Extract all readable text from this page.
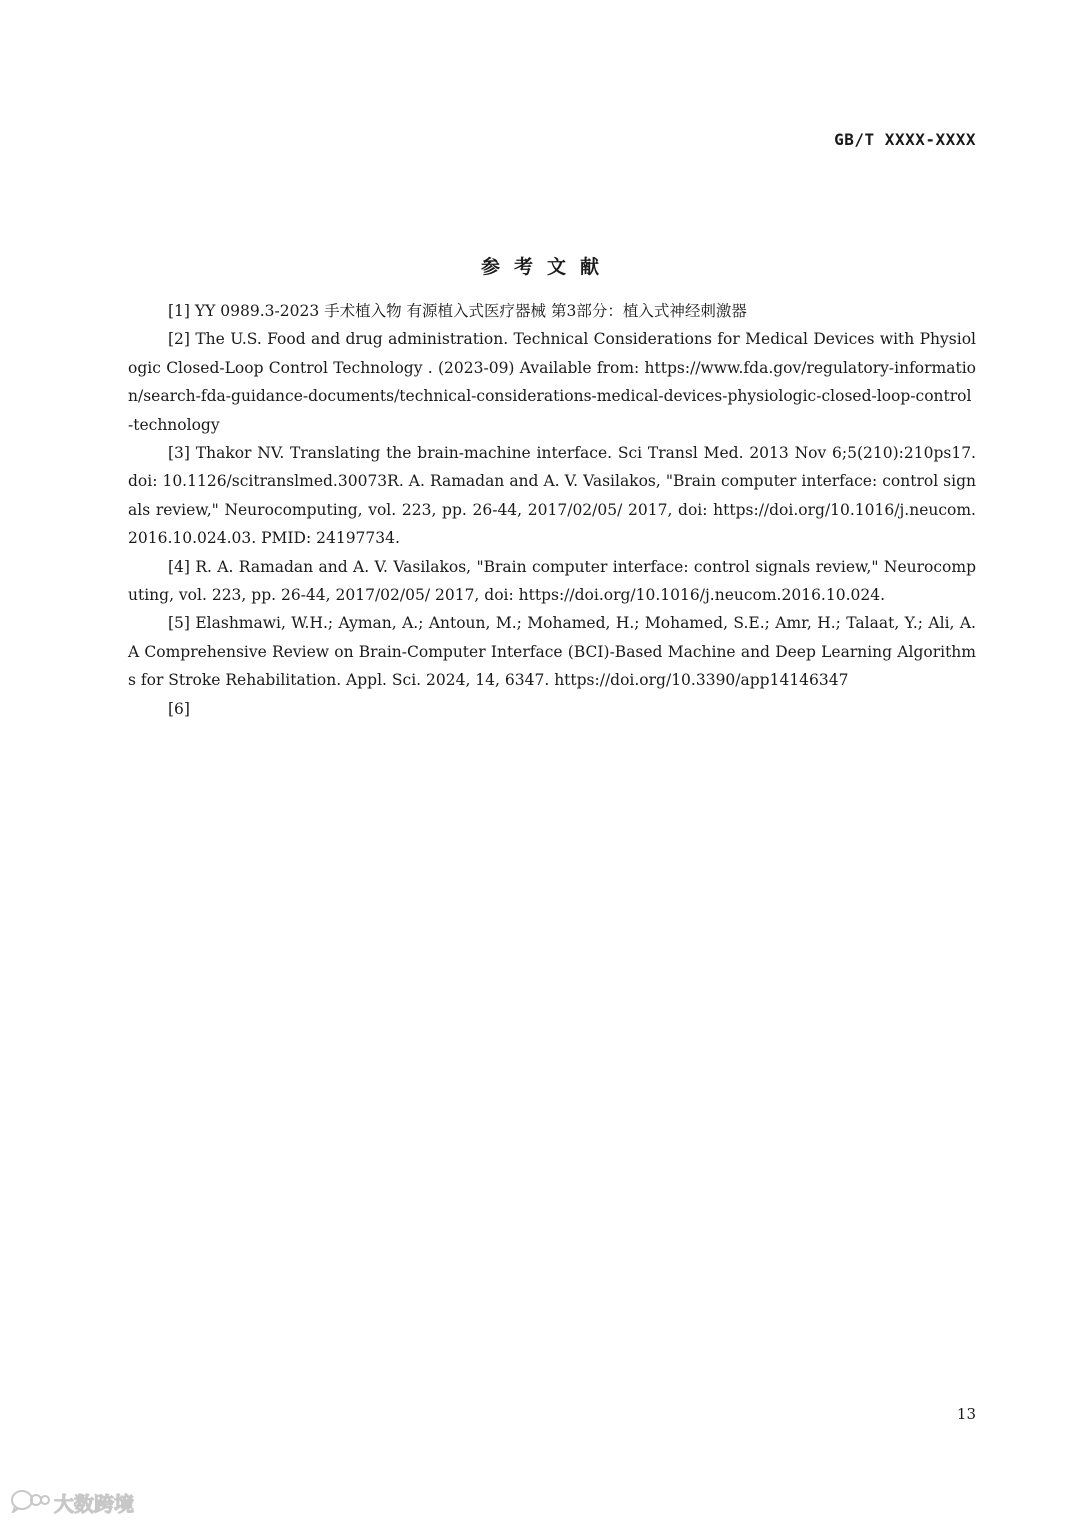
GB/T XXXX-XXXX
参考文献

[1] YY 0989.3-2023 手术植入物 有源植入式医疗器械 第3部分：植入式神经刺激器

[2] The U.S. Food and drug administration. Technical Considerations for Medical Devices with Physiologic Closed-Loop Control Technology . (2023-09) Available from: https://www.fda.gov/regulatory-information/search-fda-guidance-documents/technical-considerations-medical-devices-physiologic-closed-loop-control-technology

[3] Thakor NV. Translating the brain-machine interface. Sci Transl Med. 2013 Nov 6;5(210):210ps17. doi: 10.1126/scitranslmed.30073R. A. Ramadan and A. V. Vasilakos, "Brain computer interface: control signals review," Neurocomputing, vol. 223, pp. 26-44, 2017/02/05/ 2017, doi: https://doi.org/10.1016/j.neucom.2016.10.024.03. PMID: 24197734.

[4] R. A. Ramadan and A. V. Vasilakos, "Brain computer interface: control signals review," Neurocomputing, vol. 223, pp. 26-44, 2017/02/05/ 2017, doi: https://doi.org/10.1016/j.neucom.2016.10.024.

[5] Elashmawi, W.H.; Ayman, A.; Antoun, M.; Mohamed, H.; Mohamed, S.E.; Amr, H.; Talaat, Y.; Ali, A. A Comprehensive Review on Brain-Computer Interface (BCI)-Based Machine and Deep Learning Algorithms for Stroke Rehabilitation. Appl. Sci. 2024, 14, 6347. https://doi.org/10.3390/app14146347

[6]

13
大数跨境
